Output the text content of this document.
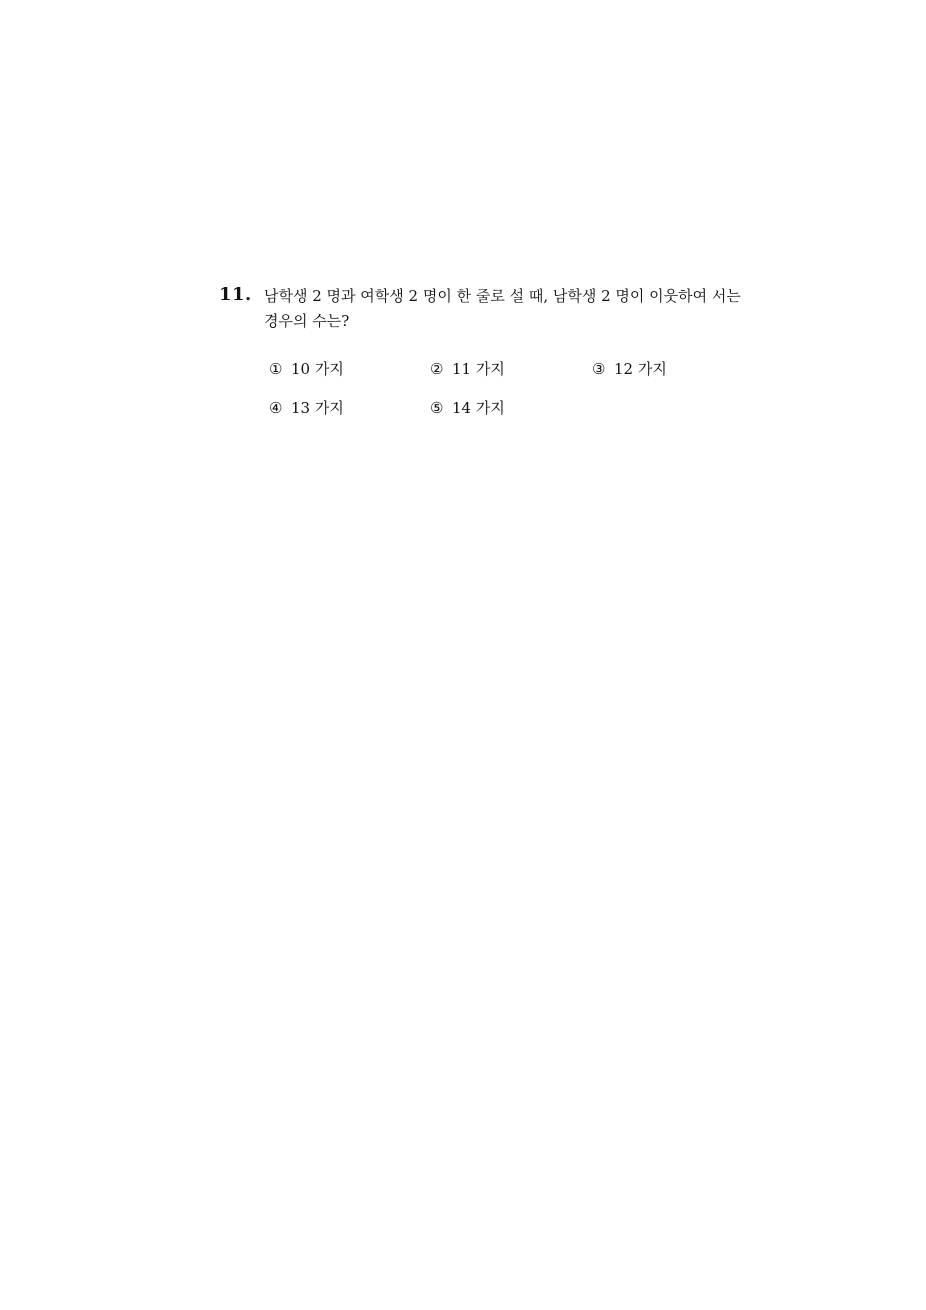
11. 남학생 2 명과 여학생 2 명이 한 줄로 설 때, 남학생 2 명이 이웃하여 서는
경우의 수는?
① 10 가지	② 11 가지	③ 12 가지
④ 13 가지	⑤ 14 가지
